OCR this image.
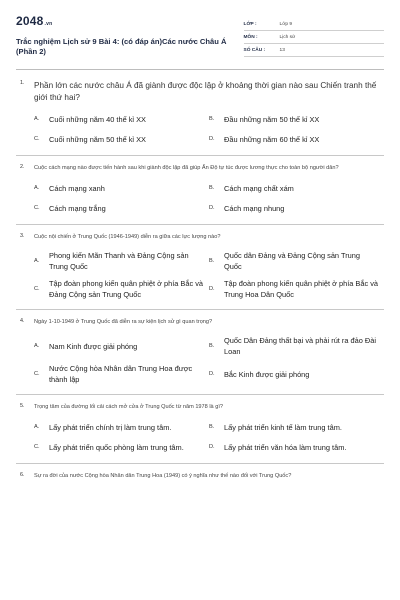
2048.vn
Trắc nghiệm Lịch sử 9 Bài 4: (có đáp án)Các nước Châu Á (Phần 2)
LỚP :	Lớp 9
MÔN :	Lịch sử
SỐ CÂU :	13
1.	Phần lớn các nước châu Á đã giành được độc lập ở khoảng thời gian nào sau Chiến tranh thế giới thứ hai?
A.	Cuối những năm 40 thế kỉ XX	B.	Đầu những năm 50 thế kỉ XX
C.	Cuối những năm 50 thế kỉ XX	D.	Đầu những năm 60 thế kỉ XX
2.	Cuộc cách mạng nào được tiến hành sau khi giành độc lập đã giúp Ấn Độ tự túc được lương thực cho toàn bộ người dân?
A.	Cách mạng xanh	B.	Cách mạng chất xám
C.	Cách mạng trắng	D.	Cách mạng nhung
3.	Cuộc nội chiến ở Trung Quốc (1946-1949) diễn ra giữa các lực lượng nào?
A.
Phong kiến Mãn Thanh và Đảng Cộng sản Trung Quốc
B.
Quốc dân Đảng và Đảng Cộng sản Trung Quốc
C.
Tập đoàn phong kiến quân phiệt ở phía Bắc và Đảng Cộng sản Trung Quốc
D.
Tập đoàn phong kiến quân phiệt ở phía Bắc và Trung Hoa Dân Quốc
4.	Ngày 1-10-1949 ở Trung Quốc đã diễn ra sự kiện lịch sử gì quan trọng?
A.	Nam Kinh được giải phóng	B.
Quốc Dân Đảng thất bại và phải rút ra đảo Đài Loan
C.
Nước Cộng hòa Nhân dân Trung Hoa được thành lập
D.	Bắc Kinh được giải phóng
5.	Trọng tâm của đường lối cải cách mở cửa ở Trung Quốc từ năm 1978 là gì?
A.	Lấy phát triển chính trị làm trung tâm.	B.	Lấy phát triển kinh tế làm trung tâm.
C.	Lấy phát triển quốc phòng làm trung tâm.	D.	Lấy phát triển văn hóa làm trung tâm.
6.	Sự ra đời của nước Cộng hòa Nhân dân Trung Hoa (1949) có ý nghĩa như thế nào đối với Trung Quốc?
